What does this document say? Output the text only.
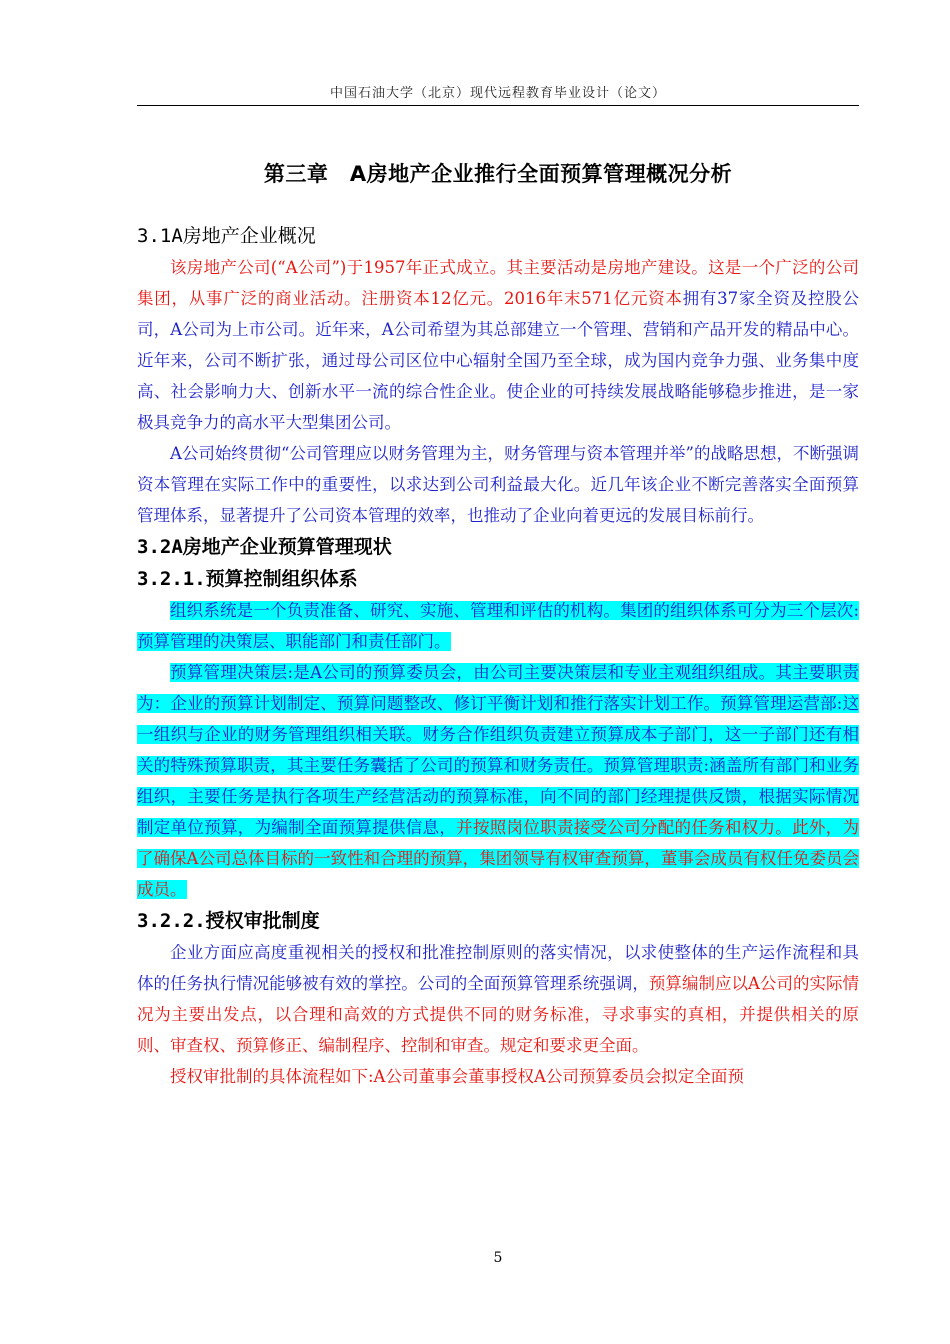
中国石油大学（北京）现代远程教育毕业设计（论文）
第三章　A房地产企业推行全面预算管理概况分析
3.1A房地产企业概况

该房地产公司(“A公司”)于1957年正式成立。其主要活动是房地产建设。这是一个广泛的公司集团，从事广泛的商业活动。注册资本12亿元。2016年末571亿元资本拥有37家全资及控股公司，A公司为上市公司。近年来，A公司希望为其总部建立一个管理、营销和产品开发的精品中心。近年来，公司不断扩张，通过母公司区位中心辐射全国乃至全球，成为国内竞争力强、业务集中度高、社会影响力大、创新水平一流的综合性企业。使企业的可持续发展战略能够稳步推进，是一家极具竞争力的高水平大型集团公司。

A公司始终贯彻“公司管理应以财务管理为主，财务管理与资本管理并举”的战略思想，不断强调资本管理在实际工作中的重要性，以求达到公司利益最大化。近几年该企业不断完善落实全面预算管理体系，显著提升了公司资本管理的效率，也推动了企业向着更远的发展目标前行。

3.2A房地产企业预算管理现状
3.2.1.预算控制组织体系

组织系统是一个负责准备、研究、实施、管理和评估的机构。集团的组织体系可分为三个层次:预算管理的决策层、职能部门和责任部门。

预算管理决策层:是A公司的预算委员会，由公司主要决策层和专业主观组织组成。其主要职责为：企业的预算计划制定、预算问题整改、修订平衡计划和推行落实计划工作。预算管理运营部:这一组织与企业的财务管理组织相关联。财务合作组织负责建立预算成本子部门，这一子部门还有相关的特殊预算职责，其主要任务囊括了公司的预算和财务责任。预算管理职责:涵盖所有部门和业务组织，主要任务是执行各项生产经营活动的预算标准，向不同的部门经理提供反馈，根据实际情况制定单位预算，为编制全面预算提供信息，并按照岗位职责接受公司分配的任务和权力。此外，为了确保A公司总体目标的一致性和合理的预算，集团领导有权审查预算，董事会成员有权任免委员会成员。

3.2.2.授权审批制度

企业方面应高度重视相关的授权和批准控制原则的落实情况，以求使整体的生产运作流程和具体的任务执行情况能够被有效的掌控。公司的全面预算管理系统强调，预算编制应以A公司的实际情况为主要出发点，以合理和高效的方式提供不同的财务标准，寻求事实的真相，并提供相关的原则、审查权、预算修正、编制程序、控制和审查。规定和要求更全面。

授权审批制的具体流程如下:A公司董事会董事授权A公司预算委员会拟定全面预

5
